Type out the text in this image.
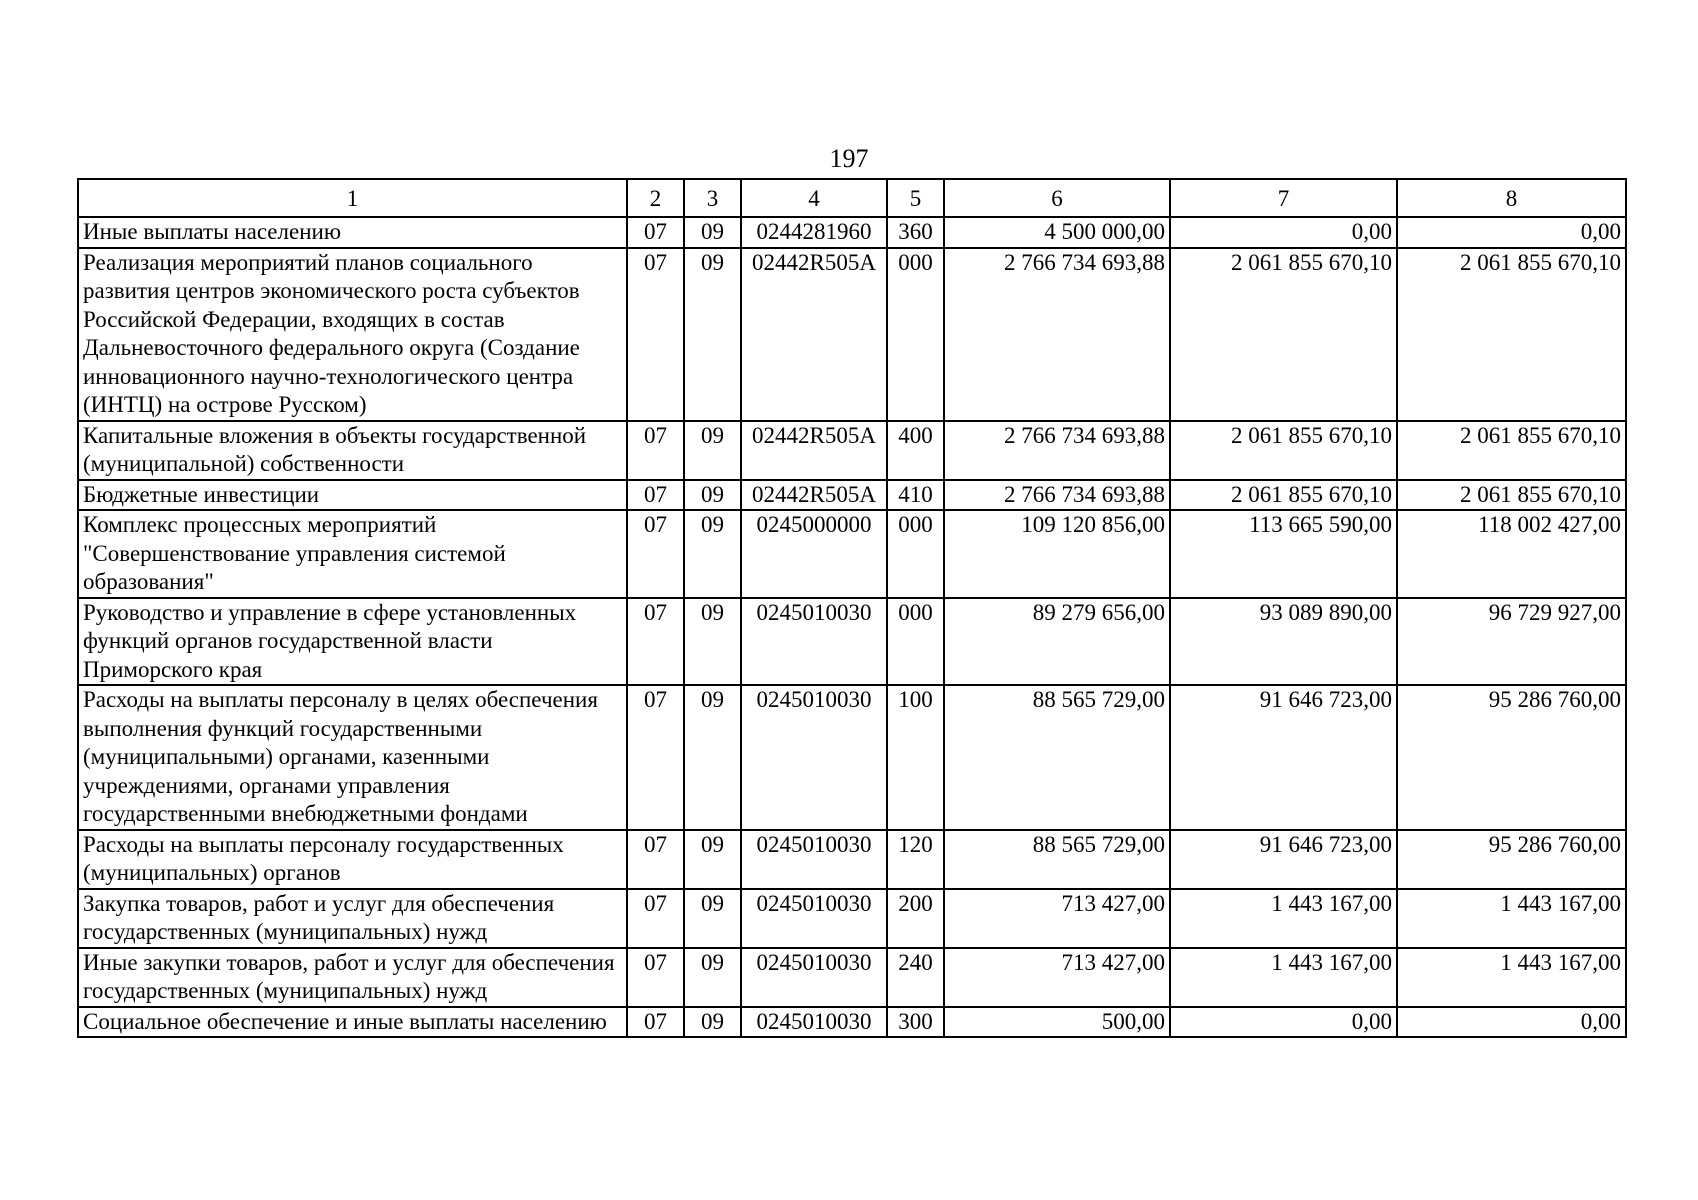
197
1	2	3	4	5	6	7	8
Иные выплаты населению	07	09	0244281960	360	4 500 000,00	0,00	0,00
Реализация мероприятий планов социального развития центров экономического роста субъектов Российской Федерации, входящих в состав Дальневосточного федерального округа (Создание инновационного научно-технологического центра (ИНТЦ) на острове Русском)	07	09	02442R505A	000	2 766 734 693,88	2 061 855 670,10	2 061 855 670,10
Капитальные вложения в объекты государственной (муниципальной) собственности	07	09	02442R505A	400	2 766 734 693,88	2 061 855 670,10	2 061 855 670,10
Бюджетные инвестиции	07	09	02442R505A	410	2 766 734 693,88	2 061 855 670,10	2 061 855 670,10
Комплекс процессных мероприятий "Совершенствование управления системой образования"	07	09	0245000000	000	109 120 856,00	113 665 590,00	118 002 427,00
Руководство и управление в сфере установленных функций органов государственной власти Приморского края	07	09	0245010030	000	89 279 656,00	93 089 890,00	96 729 927,00
Расходы на выплаты персоналу в целях обеспечения выполнения функций государственными (муниципальными) органами, казенными учреждениями, органами управления государственными внебюджетными фондами	07	09	0245010030	100	88 565 729,00	91 646 723,00	95 286 760,00
Расходы на выплаты персоналу государственных (муниципальных) органов	07	09	0245010030	120	88 565 729,00	91 646 723,00	95 286 760,00
Закупка товаров, работ и услуг для обеспечения государственных (муниципальных) нужд	07	09	0245010030	200	713 427,00	1 443 167,00	1 443 167,00
Иные закупки товаров, работ и услуг для обеспечения государственных (муниципальных) нужд	07	09	0245010030	240	713 427,00	1 443 167,00	1 443 167,00
Социальное обеспечение и иные выплаты населению	07	09	0245010030	300	500,00	0,00	0,00
